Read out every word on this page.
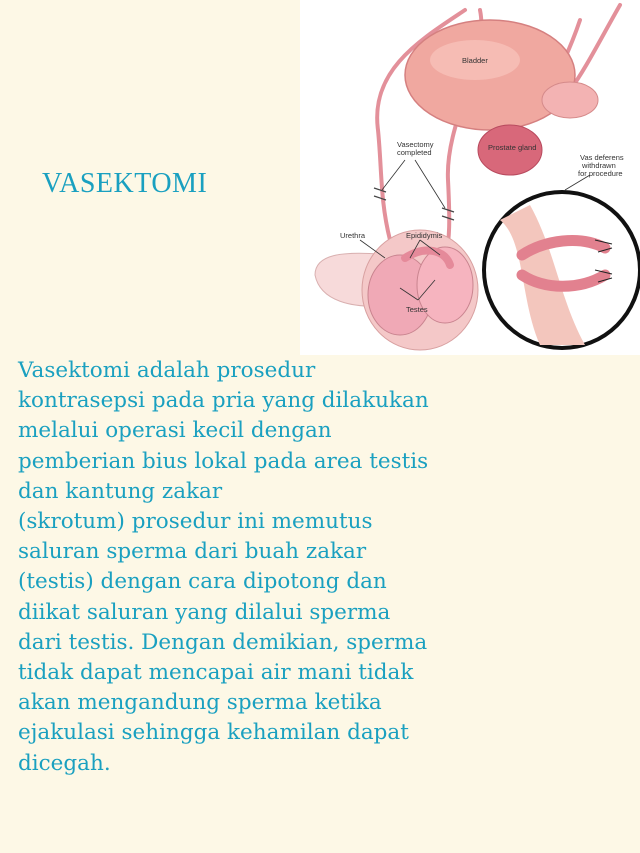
Bladder
Vasectomy
completed
Prostate gland
Vas deferens
withdrawn
for procedure
Urethra	Epididymis
Testes
VASEKTOMI
Vasektomi adalah prosedur
kontrasepsi pada pria yang dilakukan
melalui operasi kecil dengan
pemberian bius lokal pada area testis
dan kantung zakar
(skrotum) prosedur ini memutus
saluran sperma dari buah zakar
(testis) dengan cara dipotong dan
diikat saluran yang dilalui sperma
dari testis. Dengan demikian, sperma
tidak dapat mencapai air mani tidak
akan mengandung sperma ketika
ejakulasi sehingga kehamilan dapat
dicegah.
